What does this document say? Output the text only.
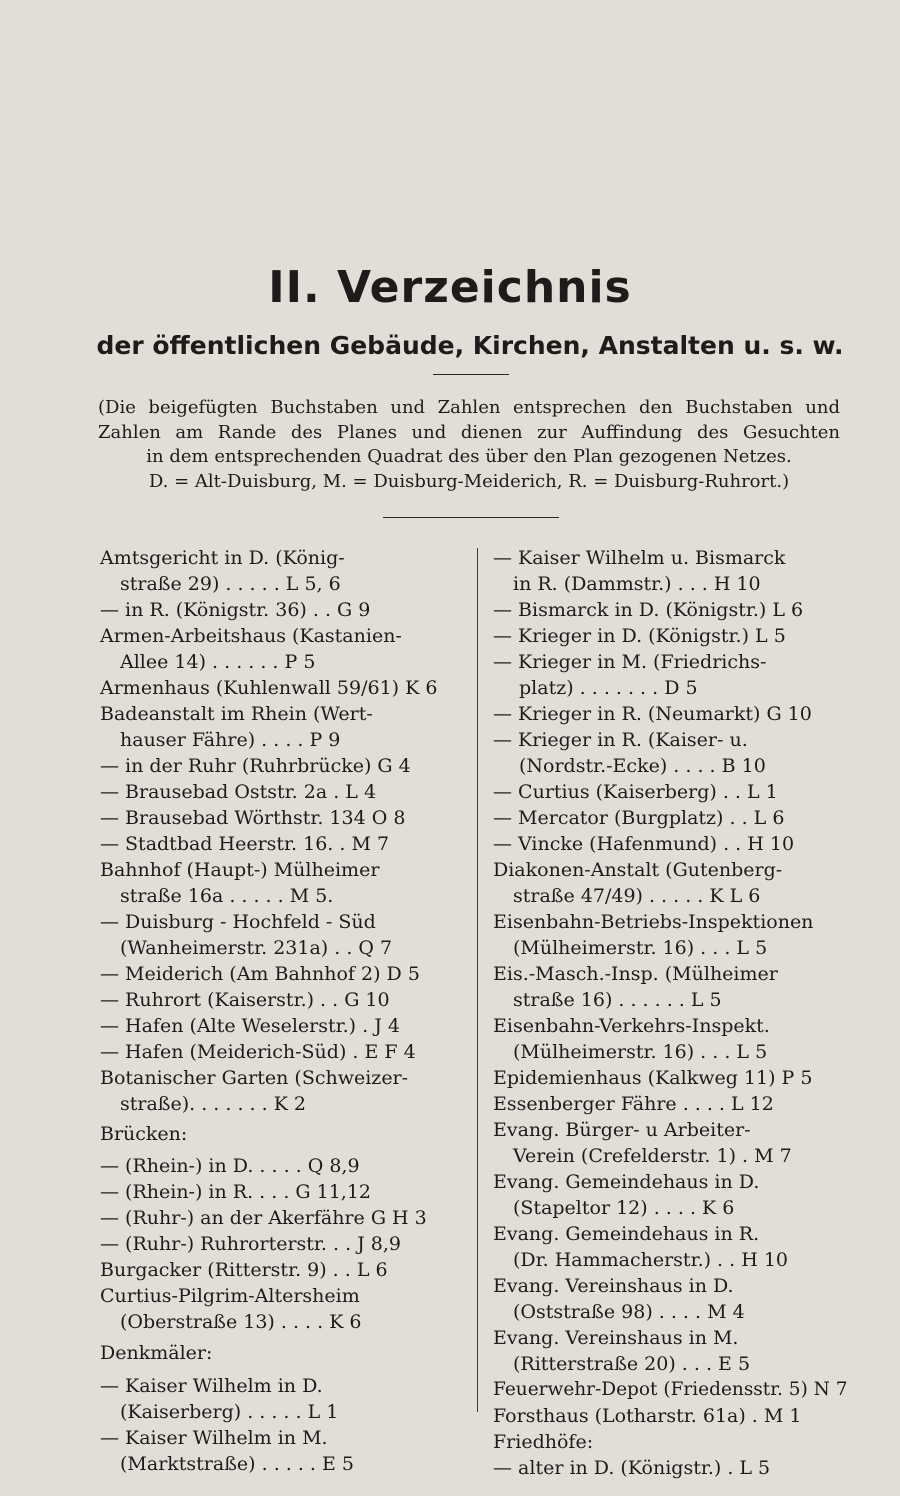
II. Verzeichnis
der öffentlichen Gebäude, Kirchen, Anstalten u. s. w.
(Die beigefügten Buchstaben und Zahlen entsprechen den Buchstaben und
Zahlen am Rande des Planes und dienen zur Auffindung des Gesuchten
in dem entsprechenden Quadrat des über den Plan gezogenen Netzes.
D. = Alt-Duisburg, M. = Duisburg-Meiderich, R. = Duisburg-Ruhrort.)
Amtsgericht in D. (König-
straße 29) . . . . . L 5, 6
— in R. (Königstr. 36) . . G 9
Armen-Arbeitshaus (Kastanien-
Allee 14) . . . . . . P 5
Armenhaus (Kuhlenwall 59/61) K 6
Badeanstalt im Rhein (Wert-
hauser Fähre) . . . . P 9
— in der Ruhr (Ruhrbrücke) G 4
— Brausebad Oststr. 2a . L 4
— Brausebad Wörthstr. 134 O 8
— Stadtbad Heerstr. 16. . M 7
Bahnhof (Haupt-) Mülheimer
straße 16a . . . . . M 5.
— Duisburg - Hochfeld - Süd
(Wanheimerstr. 231a) . . Q 7
— Meiderich (Am Bahnhof 2) D 5
— Ruhrort (Kaiserstr.) . . G 10
— Hafen (Alte Weselerstr.) . J 4
— Hafen (Meiderich-Süd) . E F 4
Botanischer Garten (Schweizer-
straße). . . . . . . K 2
Brücken:
— (Rhein-) in D. . . . . Q 8,9
— (Rhein-) in R. . . . G 11,12
— (Ruhr-) an der Akerfähre G H 3
— (Ruhr-) Ruhrorterstr. . . J 8,9
Burgacker (Ritterstr. 9) . . L 6
Curtius-Pilgrim-Altersheim
(Oberstraße 13) . . . . K 6
Denkmäler:
— Kaiser Wilhelm in D.
(Kaiserberg) . . . . . L 1
— Kaiser Wilhelm in M.
(Marktstraße) . . . . . E 5
— Kaiser Wilhelm u. Bismarck
in R. (Dammstr.) . . . H 10
— Bismarck in D. (Königstr.) L 6
— Krieger in D. (Königstr.) L 5
— Krieger in M. (Friedrichs-
platz) . . . . . . . D 5
— Krieger in R. (Neumarkt) G 10
— Krieger in R. (Kaiser- u.
(Nordstr.-Ecke) . . . . B 10
— Curtius (Kaiserberg) . . L 1
— Mercator (Burgplatz) . . L 6
— Vincke (Hafenmund) . . H 10
Diakonen-Anstalt (Gutenberg-
straße 47/49) . . . . . K L 6
Eisenbahn-Betriebs-Inspektionen
(Mülheimerstr. 16) . . . L 5
Eis.-Masch.-Insp. (Mülheimer
straße 16) . . . . . . L 5
Eisenbahn-Verkehrs-Inspekt.
(Mülheimerstr. 16) . . . L 5
Epidemienhaus (Kalkweg 11) P 5
Essenberger Fähre . . . . L 12
Evang. Bürger- u Arbeiter-
Verein (Crefelderstr. 1) . M 7
Evang. Gemeindehaus in D.
(Stapeltor 12) . . . . K 6
Evang. Gemeindehaus in R.
(Dr. Hammacherstr.) . . H 10
Evang. Vereinshaus in D.
(Oststraße 98) . . . . M 4
Evang. Vereinshaus in M.
(Ritterstraße 20) . . . E 5
Feuerwehr-Depot (Friedensstr. 5) N 7
Forsthaus (Lotharstr. 61a) . M 1
Friedhöfe:
— alter in D. (Königstr.) . L 5
